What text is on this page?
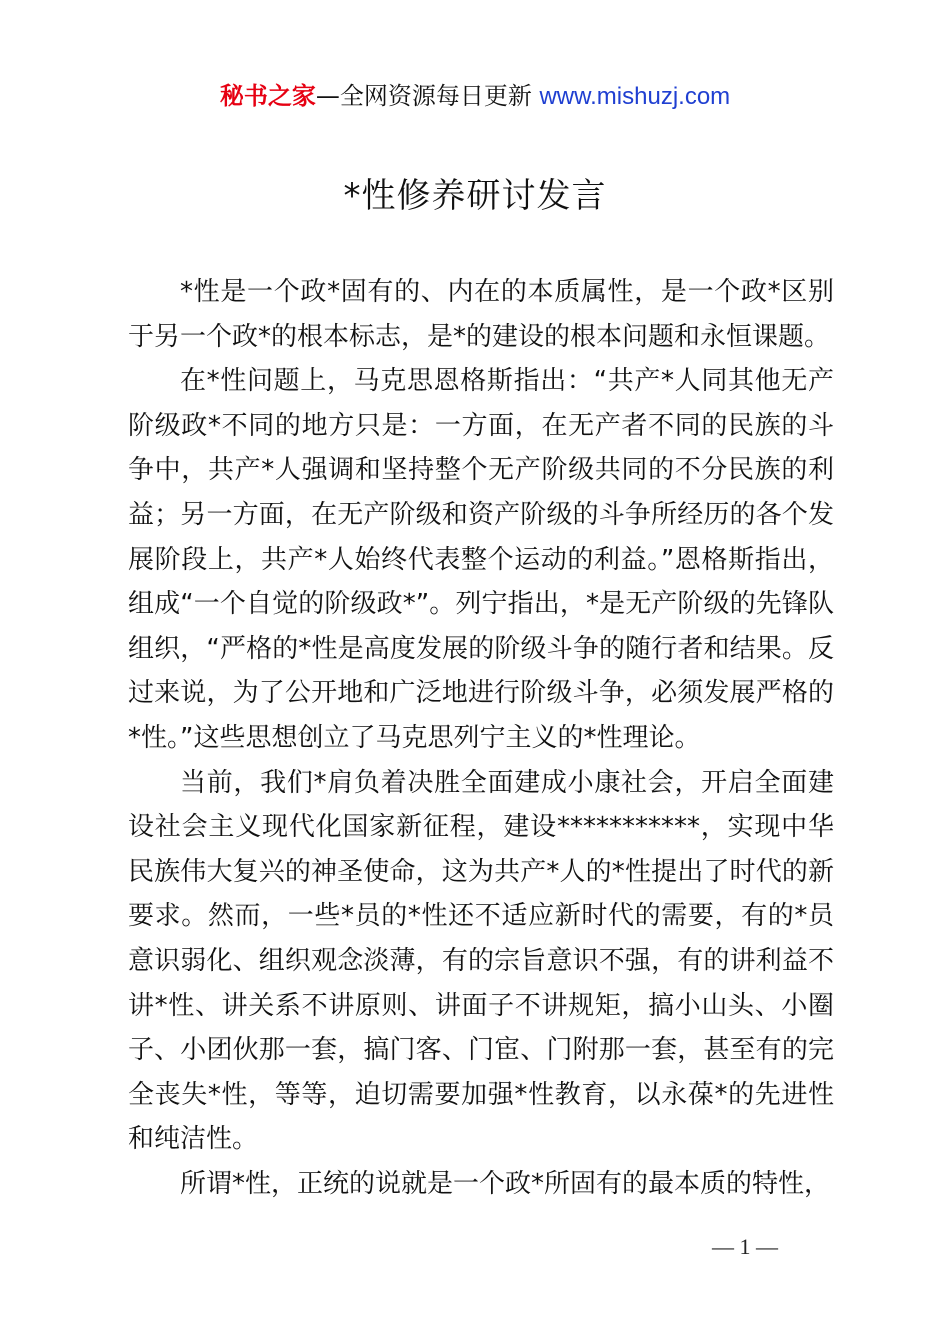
秘书之家—全网资源每日更新 www.mishuzj.com
*性修养研讨发言

*性是一个政*固有的、内在的本质属性，是一个政*区别于另一个政*的根本标志，是*的建设的根本问题和永恒课题。

在*性问题上，马克思恩格斯指出：“共产*人同其他无产阶级政*不同的地方只是：一方面，在无产者不同的民族的斗争中，共产*人强调和坚持整个无产阶级共同的不分民族的利益；另一方面，在无产阶级和资产阶级的斗争所经历的各个发展阶段上，共产*人始终代表整个运动的利益。”恩格斯指出，组成“一个自觉的阶级政*”。列宁指出，*是无产阶级的先锋队组织，“严格的*性是高度发展的阶级斗争的随行者和结果。反过来说，为了公开地和广泛地进行阶级斗争，必须发展严格的*性。”这些思想创立了马克思列宁主义的*性理论。

当前，我们*肩负着决胜全面建成小康社会，开启全面建设社会主义现代化国家新征程，建设***********，实现中华民族伟大复兴的神圣使命，这为共产*人的*性提出了时代的新要求。然而，一些*员的*性还不适应新时代的需要，有的*员意识弱化、组织观念淡薄，有的宗旨意识不强，有的讲利益不讲*性、讲关系不讲原则、讲面子不讲规矩，搞小山头、小圈子、小团伙那一套，搞门客、门宦、门附那一套，甚至有的完全丧失*性，等等，迫切需要加强*性教育，以永葆*的先进性和纯洁性。

所谓*性，正统的说就是一个政*所固有的最本质的特性，

— 1 —
